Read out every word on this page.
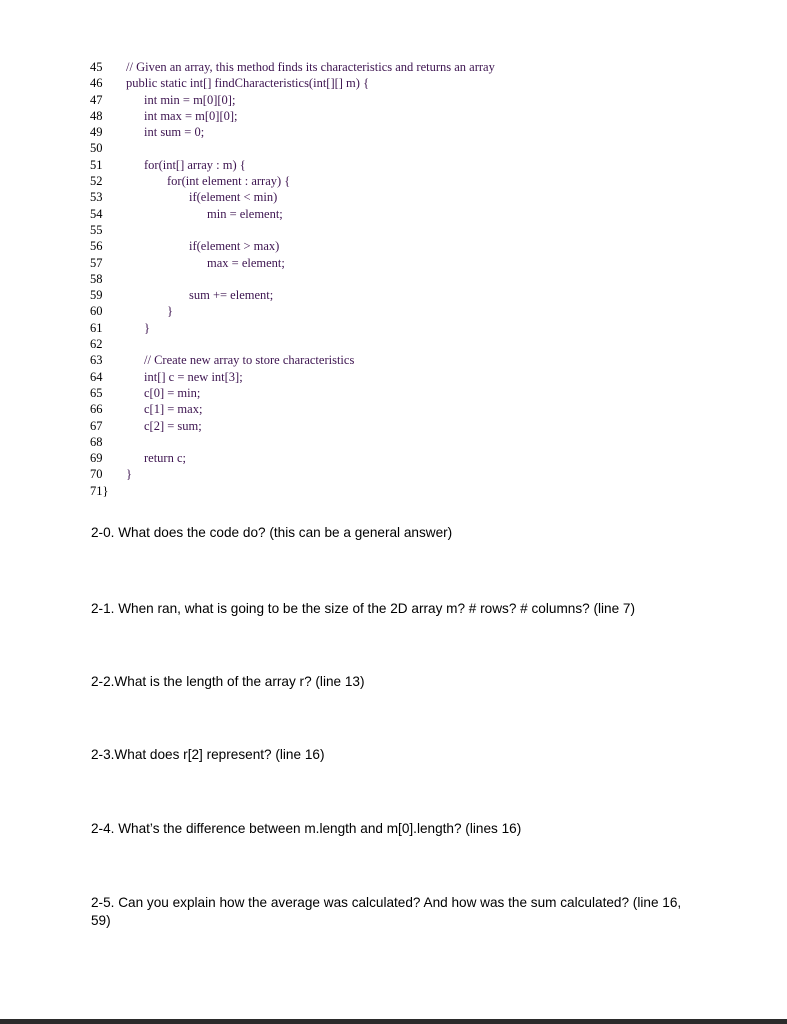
45	// Given an array, this method finds its characteristics and returns an array
46	public static int[] findCharacteristics(int[][] m) {
47	int min = m[0][0];
48	int max = m[0][0];
49	int sum = 0;
50
51	for(int[] array : m) {
52	for(int element : array) {
53	if(element < min)
54	min = element;
55
56	if(element > max)
57	max = element;
58
59	sum += element;
60	}
61	}
62
63	// Create new array to store characteristics
64	int[] c = new int[3];
65	c[0] = min;
66	c[1] = max;
67	c[2] = sum;
68
69	return c;
70	}
71}
2-0. What does the code do? (this can be a general answer)
2-1. When ran, what is going to be the size of the 2D array m? # rows? # columns? (line 7)
2-2.What is the length of the array r? (line 13)
2-3.What does r[2] represent? (line 16)
2-4. What’s the difference between m.length and m[0].length? (lines 16)
2-5. Can you explain how the average was calculated? And how was the sum calculated? (line 16, 59)
